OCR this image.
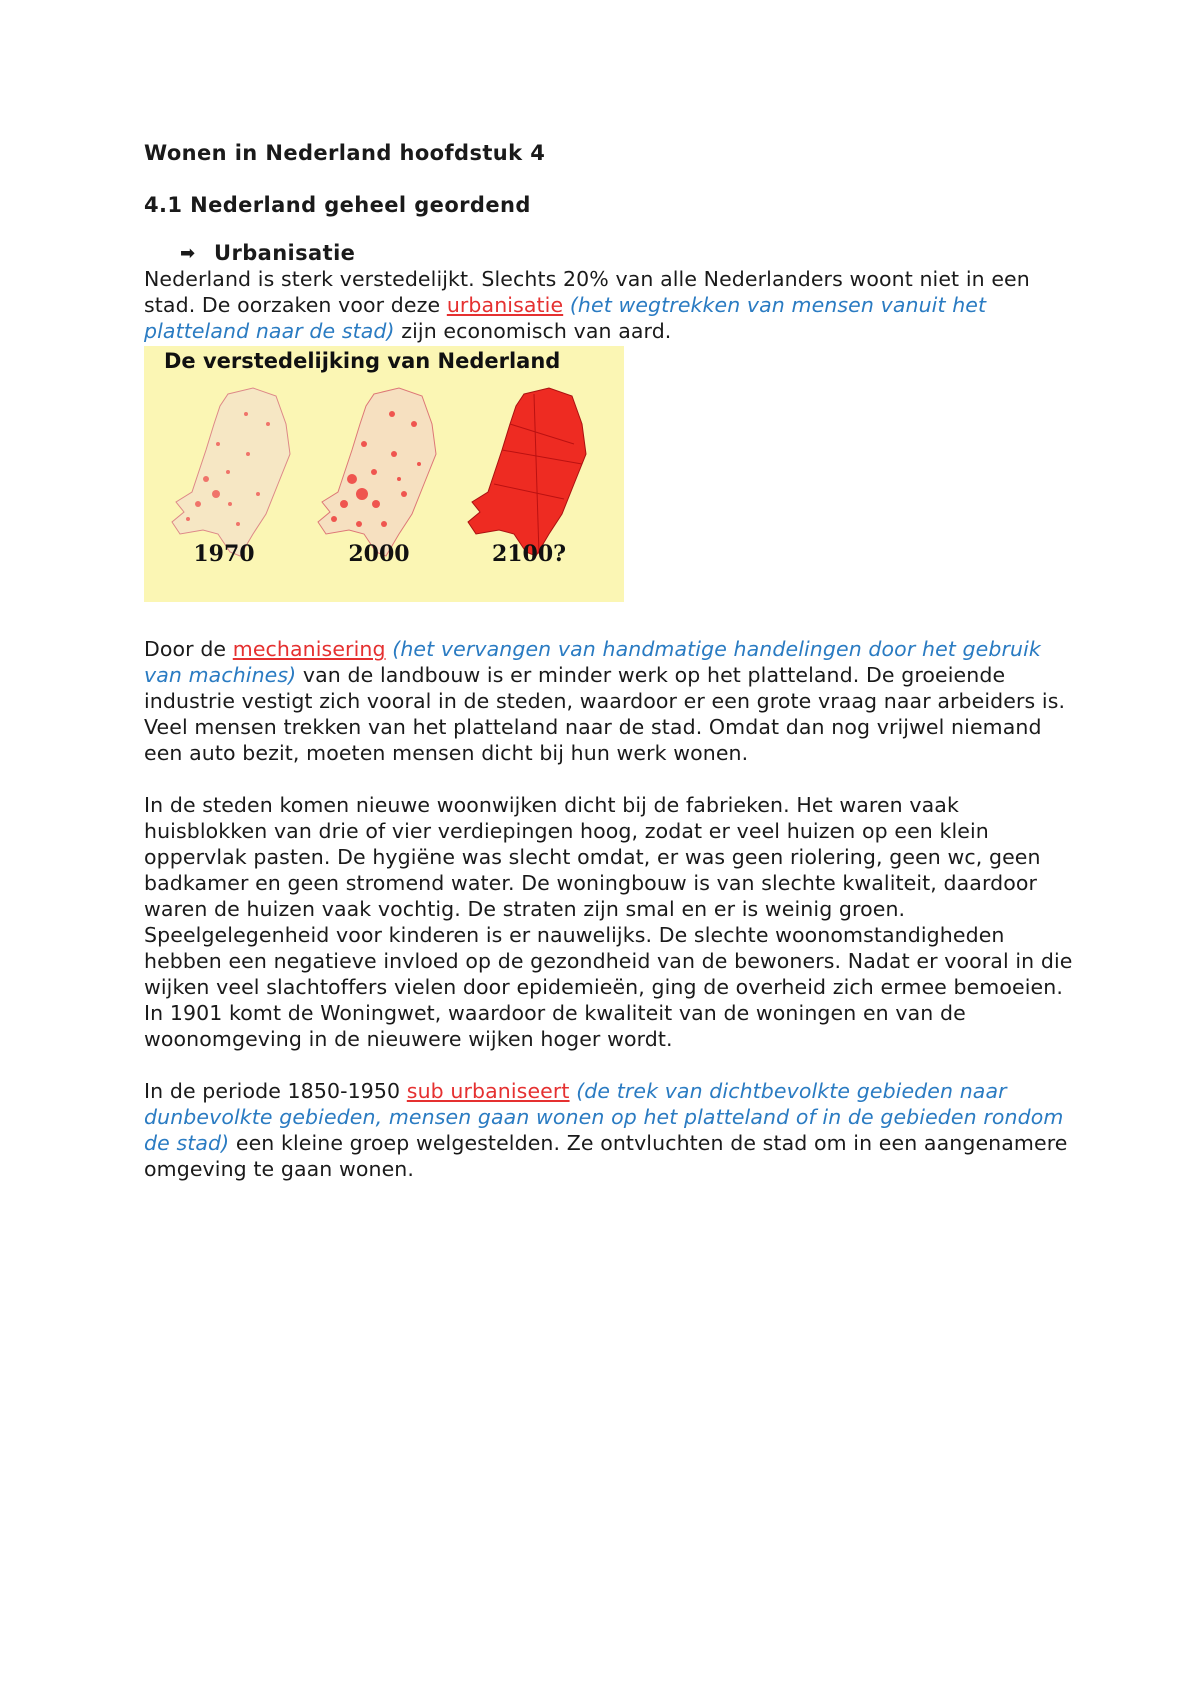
Wonen in Nederland hoofdstuk 4
4.1 Nederland geheel geordend
➡ Urbanisatie

Nederland is sterk verstedelijkt. Slechts 20% van alle Nederlanders woont niet in een stad. De oorzaken voor deze urbanisatie (het wegtrekken van mensen vanuit het platteland naar de stad) zijn economisch van aard.

De verstedelijking van Nederland
1970	2000	2100?

Door de mechanisering (het vervangen van handmatige handelingen door het gebruik van machines) van de landbouw is er minder werk op het platteland. De groeiende industrie vestigt zich vooral in de steden, waardoor er een grote vraag naar arbeiders is. Veel mensen trekken van het platteland naar de stad. Omdat dan nog vrijwel niemand een auto bezit, moeten mensen dicht bij hun werk wonen.

In de steden komen nieuwe woonwijken dicht bij de fabrieken. Het waren vaak huisblokken van drie of vier verdiepingen hoog, zodat er veel huizen op een klein oppervlak pasten. De hygiëne was slecht omdat, er was geen riolering, geen wc, geen badkamer en geen stromend water. De woningbouw is van slechte kwaliteit, daardoor waren de huizen vaak vochtig. De straten zijn smal en er is weinig groen. Speelgelegenheid voor kinderen is er nauwelijks. De slechte woonomstandigheden hebben een negatieve invloed op de gezondheid van de bewoners. Nadat er vooral in die wijken veel slachtoffers vielen door epidemieën, ging de overheid zich ermee bemoeien. In 1901 komt de Woningwet, waardoor de kwaliteit van de woningen en van de woonomgeving in de nieuwere wijken hoger wordt.

In de periode 1850-1950 sub urbaniseert (de trek van dichtbevolkte gebieden naar dunbevolkte gebieden, mensen gaan wonen op het platteland of in de gebieden rondom de stad) een kleine groep welgestelden. Ze ontvluchten de stad om in een aangenamere omgeving te gaan wonen.
